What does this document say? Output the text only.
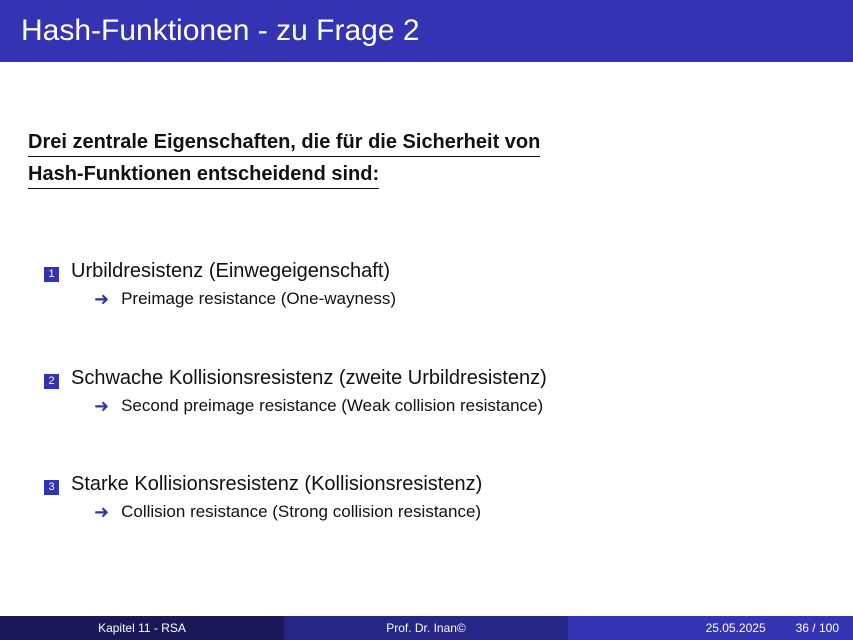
Hash-Funktionen - zu Frage 2
Drei zentrale Eigenschaften, die für die Sicherheit von
Hash-Funktionen entscheidend sind:
1 Urbildresistenz (Einwegeigenschaft)
➜ Preimage resistance (One-wayness)
2 Schwache Kollisionsresistenz (zweite Urbildresistenz)
➜ Second preimage resistance (Weak collision resistance)
3 Starke Kollisionsresistenz (Kollisionsresistenz)
➜ Collision resistance (Strong collision resistance)
Kapitel 11 - RSA	Prof. Dr. Inan©	25.05.2025	36 / 100
